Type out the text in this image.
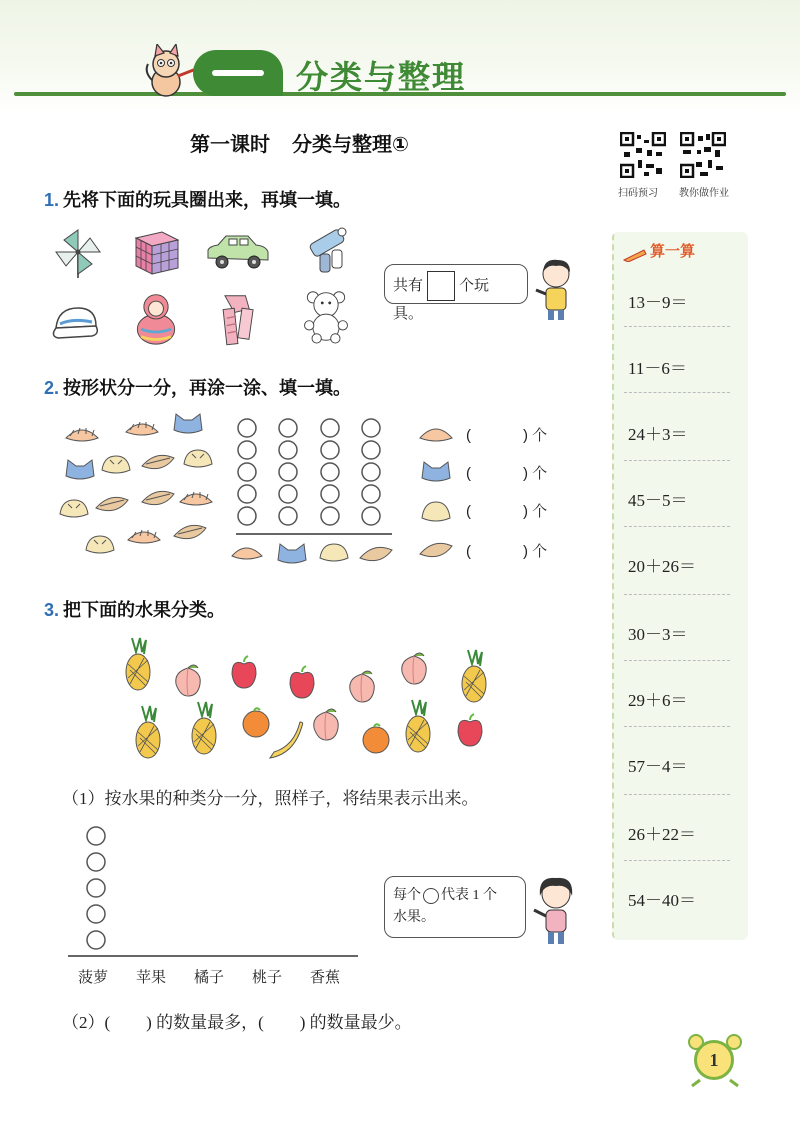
分类与整理
第一课时 分类与整理①
扫码预习 教你做作业
1. 先将下面的玩具圈出来，再填一填。
共有 个玩具。
2. 按形状分一分，再涂一涂、填一填。
(	) 个
(	) 个
(	) 个
(	) 个
3. 把下面的水果分类。
（1）按水果的种类分一分，照样子，将结果表示出来。
菠萝 苹果 橘子 桃子 香蕉
每个 代表 1 个
水果。
（2）( ) 的数量最多，( ) 的数量最少。
算一算
13－9＝
11－6＝
24＋3＝
45－5＝
20＋26＝
30－3＝
29＋6＝
57－4＝
26＋22＝
54－40＝
1
